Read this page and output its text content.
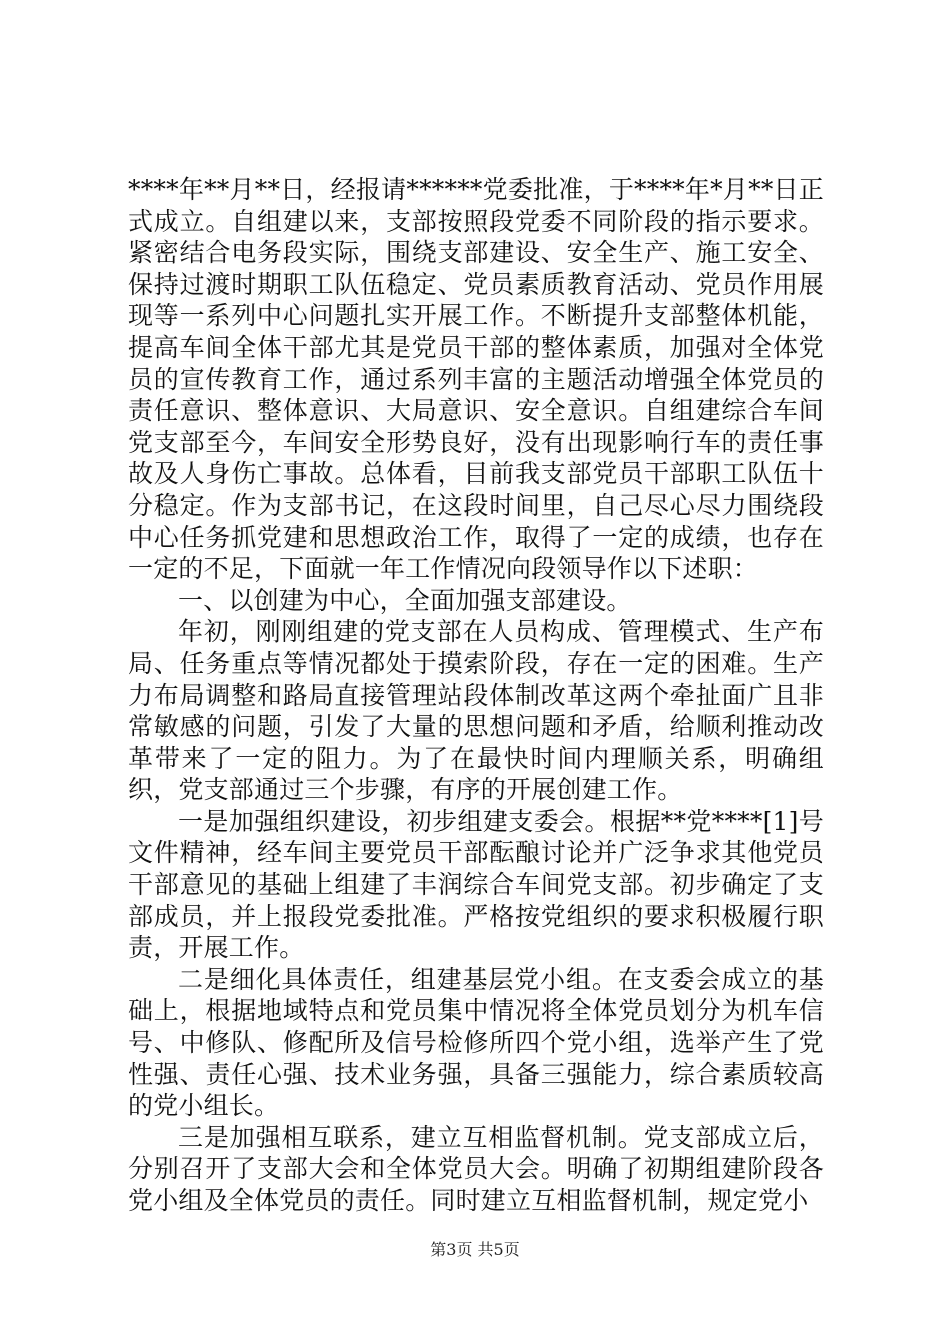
****年**月**日，经报请******党委批准，于****年*月**日正式成立。自组建以来，支部按照段党委不同阶段的指示要求。紧密结合电务段实际，围绕支部建设、安全生产、施工安全、保持过渡时期职工队伍稳定、党员素质教育活动、党员作用展现等一系列中心问题扎实开展工作。不断提升支部整体机能，提高车间全体干部尤其是党员干部的整体素质，加强对全体党员的宣传教育工作，通过系列丰富的主题活动增强全体党员的责任意识、整体意识、大局意识、安全意识。自组建综合车间党支部至今，车间安全形势良好，没有出现影响行车的责任事故及人身伤亡事故。总体看，目前我支部党员干部职工队伍十分稳定。作为支部书记，在这段时间里，自己尽心尽力围绕段中心任务抓党建和思想政治工作，取得了一定的成绩，也存在一定的不足，下面就一年工作情况向段领导作以下述职：

一、以创建为中心，全面加强支部建设。

年初，刚刚组建的党支部在人员构成、管理模式、生产布局、任务重点等情况都处于摸索阶段，存在一定的困难。生产力布局调整和路局直接管理站段体制改革这两个牵扯面广且非常敏感的问题，引发了大量的思想问题和矛盾，给顺利推动改革带来了一定的阻力。为了在最快时间内理顺关系，明确组织，党支部通过三个步骤，有序的开展创建工作。

一是加强组织建设，初步组建支委会。根据**党****[1]号文件精神，经车间主要党员干部酝酿讨论并广泛争求其他党员干部意见的基础上组建了丰润综合车间党支部。初步确定了支部成员，并上报段党委批准。严格按党组织的要求积极履行职责，开展工作。

二是细化具体责任，组建基层党小组。在支委会成立的基础上，根据地域特点和党员集中情况将全体党员划分为机车信号、中修队、修配所及信号检修所四个党小组，选举产生了党性强、责任心强、技术业务强，具备三强能力，综合素质较高的党小组长。

三是加强相互联系，建立互相监督机制。党支部成立后，分别召开了支部大会和全体党员大会。明确了初期组建阶段各党小组及全体党员的责任。同时建立互相监督机制，规定党小

第3页 共5页
